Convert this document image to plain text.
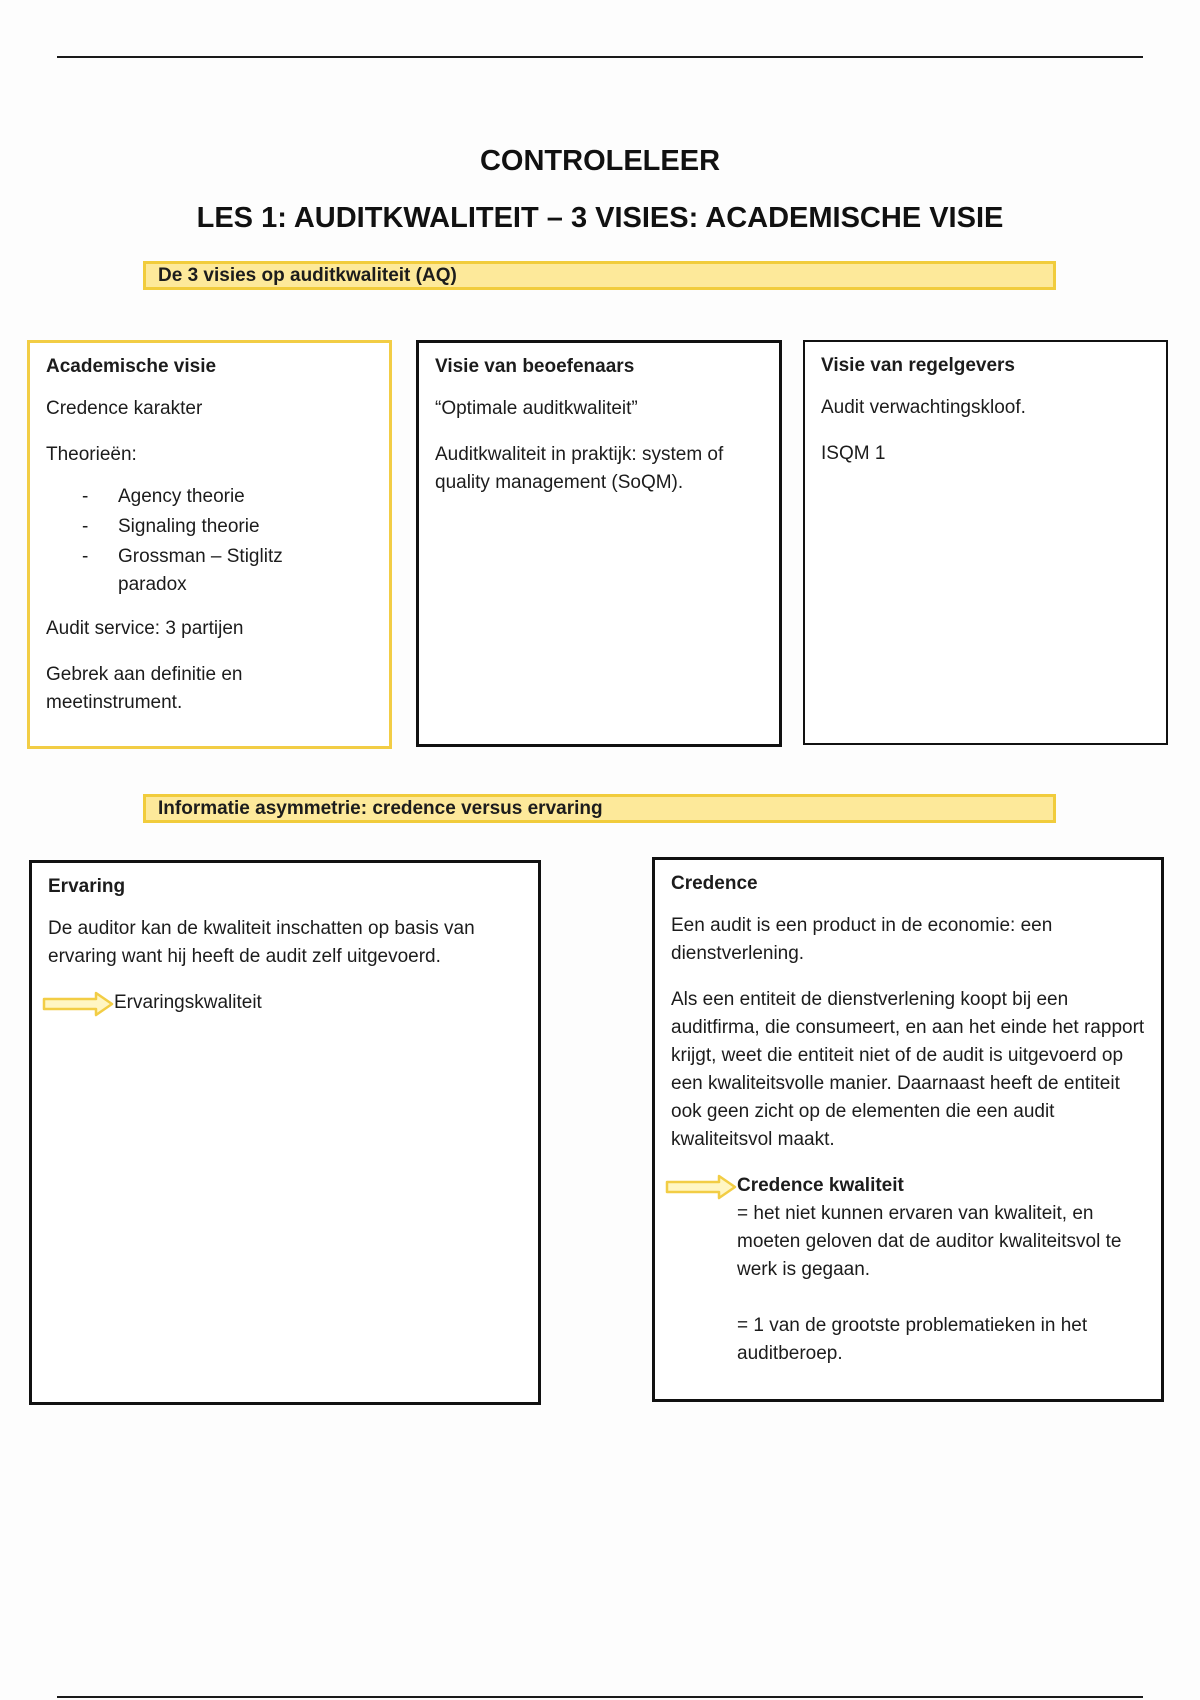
CONTROLELEER
LES 1: AUDITKWALITEIT – 3 VISIES: ACADEMISCHE VISIE
De 3 visies op auditkwaliteit (AQ)
Academische visie

Credence karakter

Theorieën:

- Agency theorie
- Signaling theorie
- Grossman – Stiglitz paradox

Audit service: 3 partijen

Gebrek aan definitie en meetinstrument.

Visie van beoefenaars

“Optimale auditkwaliteit”

Auditkwaliteit in praktijk: system of quality management (SoQM).

Visie van regelgevers

Audit verwachtingskloof.

ISQM 1

Informatie asymmetrie: credence versus ervaring
Ervaring

De auditor kan de kwaliteit inschatten op basis van ervaring want hij heeft de audit zelf uitgevoerd.

Ervaringskwaliteit

Credence

Een audit is een product in de economie: een dienstverlening.

Als een entiteit de dienstverlening koopt bij een auditfirma, die consumeert, en aan het einde het rapport krijgt, weet die entiteit niet of de audit is uitgevoerd op een kwaliteitsvolle manier. Daarnaast heeft de entiteit ook geen zicht op de elementen die een audit kwaliteitsvol maakt.

Credence kwaliteit

= het niet kunnen ervaren van kwaliteit, en moeten geloven dat de auditor kwaliteitsvol te werk is gegaan.

= 1 van de grootste problematieken in het auditberoep.
